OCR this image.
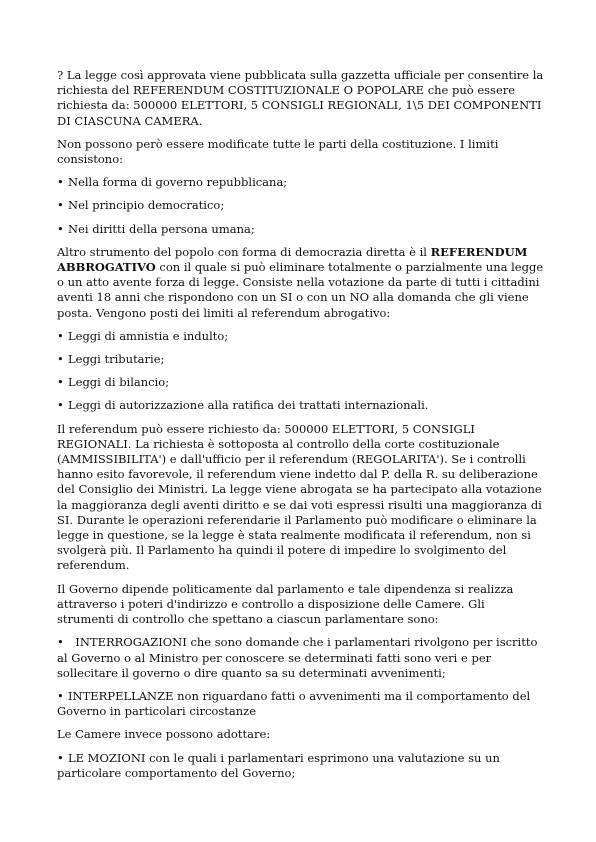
? La legge così approvata viene pubblicata sulla gazzetta ufficiale per consentire la richiesta del REFERENDUM COSTITUZIONALE O POPOLARE che può essere richiesta da: 500000 ELETTORI, 5 CONSIGLI REGIONALI, 1\5 DEI COMPONENTI DI CIASCUNA CAMERA.

Non possono però essere modificate tutte le parti della costituzione. I limiti consistono:

• Nella forma di governo repubblicana;
• Nel principio democratico;
• Nei diritti della persona umana;

Altro strumento del popolo con forma di democrazia diretta è il REFERENDUM ABBROGATIVO con il quale si può eliminare totalmente o parzialmente una legge o un atto avente forza di legge. Consiste nella votazione da parte di tutti i cittadini aventi 18 anni che rispondono con un SI o con un NO alla domanda che gli viene posta. Vengono posti dei limiti al referendum abrogativo:

• Leggi di amnistia e indulto;
• Leggi tributarie;
• Leggi di bilancio;
• Leggi di autorizzazione alla ratifica dei trattati internazionali.

Il referendum può essere richiesto da: 500000 ELETTORI, 5 CONSIGLI REGIONALI. La richiesta è sottoposta al controllo della corte costituzionale (AMMISSIBILITA') e dall'ufficio per il referendum (REGOLARITA'). Se i controlli hanno esito favorevole, il referendum viene indetto dal P. della R. su deliberazione del Consiglio dei Ministri. La legge viene abrogata se ha partecipato alla votazione la maggioranza degli aventi diritto e se dai voti espressi risulti una maggioranza di SI. Durante le operazioni referendarie il Parlamento può modificare o eliminare la legge in questione, se la legge è stata realmente modificata il referendum, non si svolgerà più. Il Parlamento ha quindi il potere di impedire lo svolgimento del referendum.

Il Governo dipende politicamente dal parlamento e tale dipendenza si realizza attraverso i poteri d'indirizzo e controllo a disposizione delle Camere. Gli strumenti di controllo che spettano a ciascun parlamentare sono:

•  INTERROGAZIONI che sono domande che i parlamentari rivolgono per iscritto al Governo o al Ministro per conoscere se determinati fatti sono veri e per sollecitare il governo o dire quanto sa su determinati avvenimenti;
• INTERPELLANZE non riguardano fatti o avvenimenti ma il comportamento del Governo in particolari circostanze

Le Camere invece possono adottare:

• LE MOZIONI con le quali i parlamentari esprimono una valutazione su un particolare comportamento del Governo;
